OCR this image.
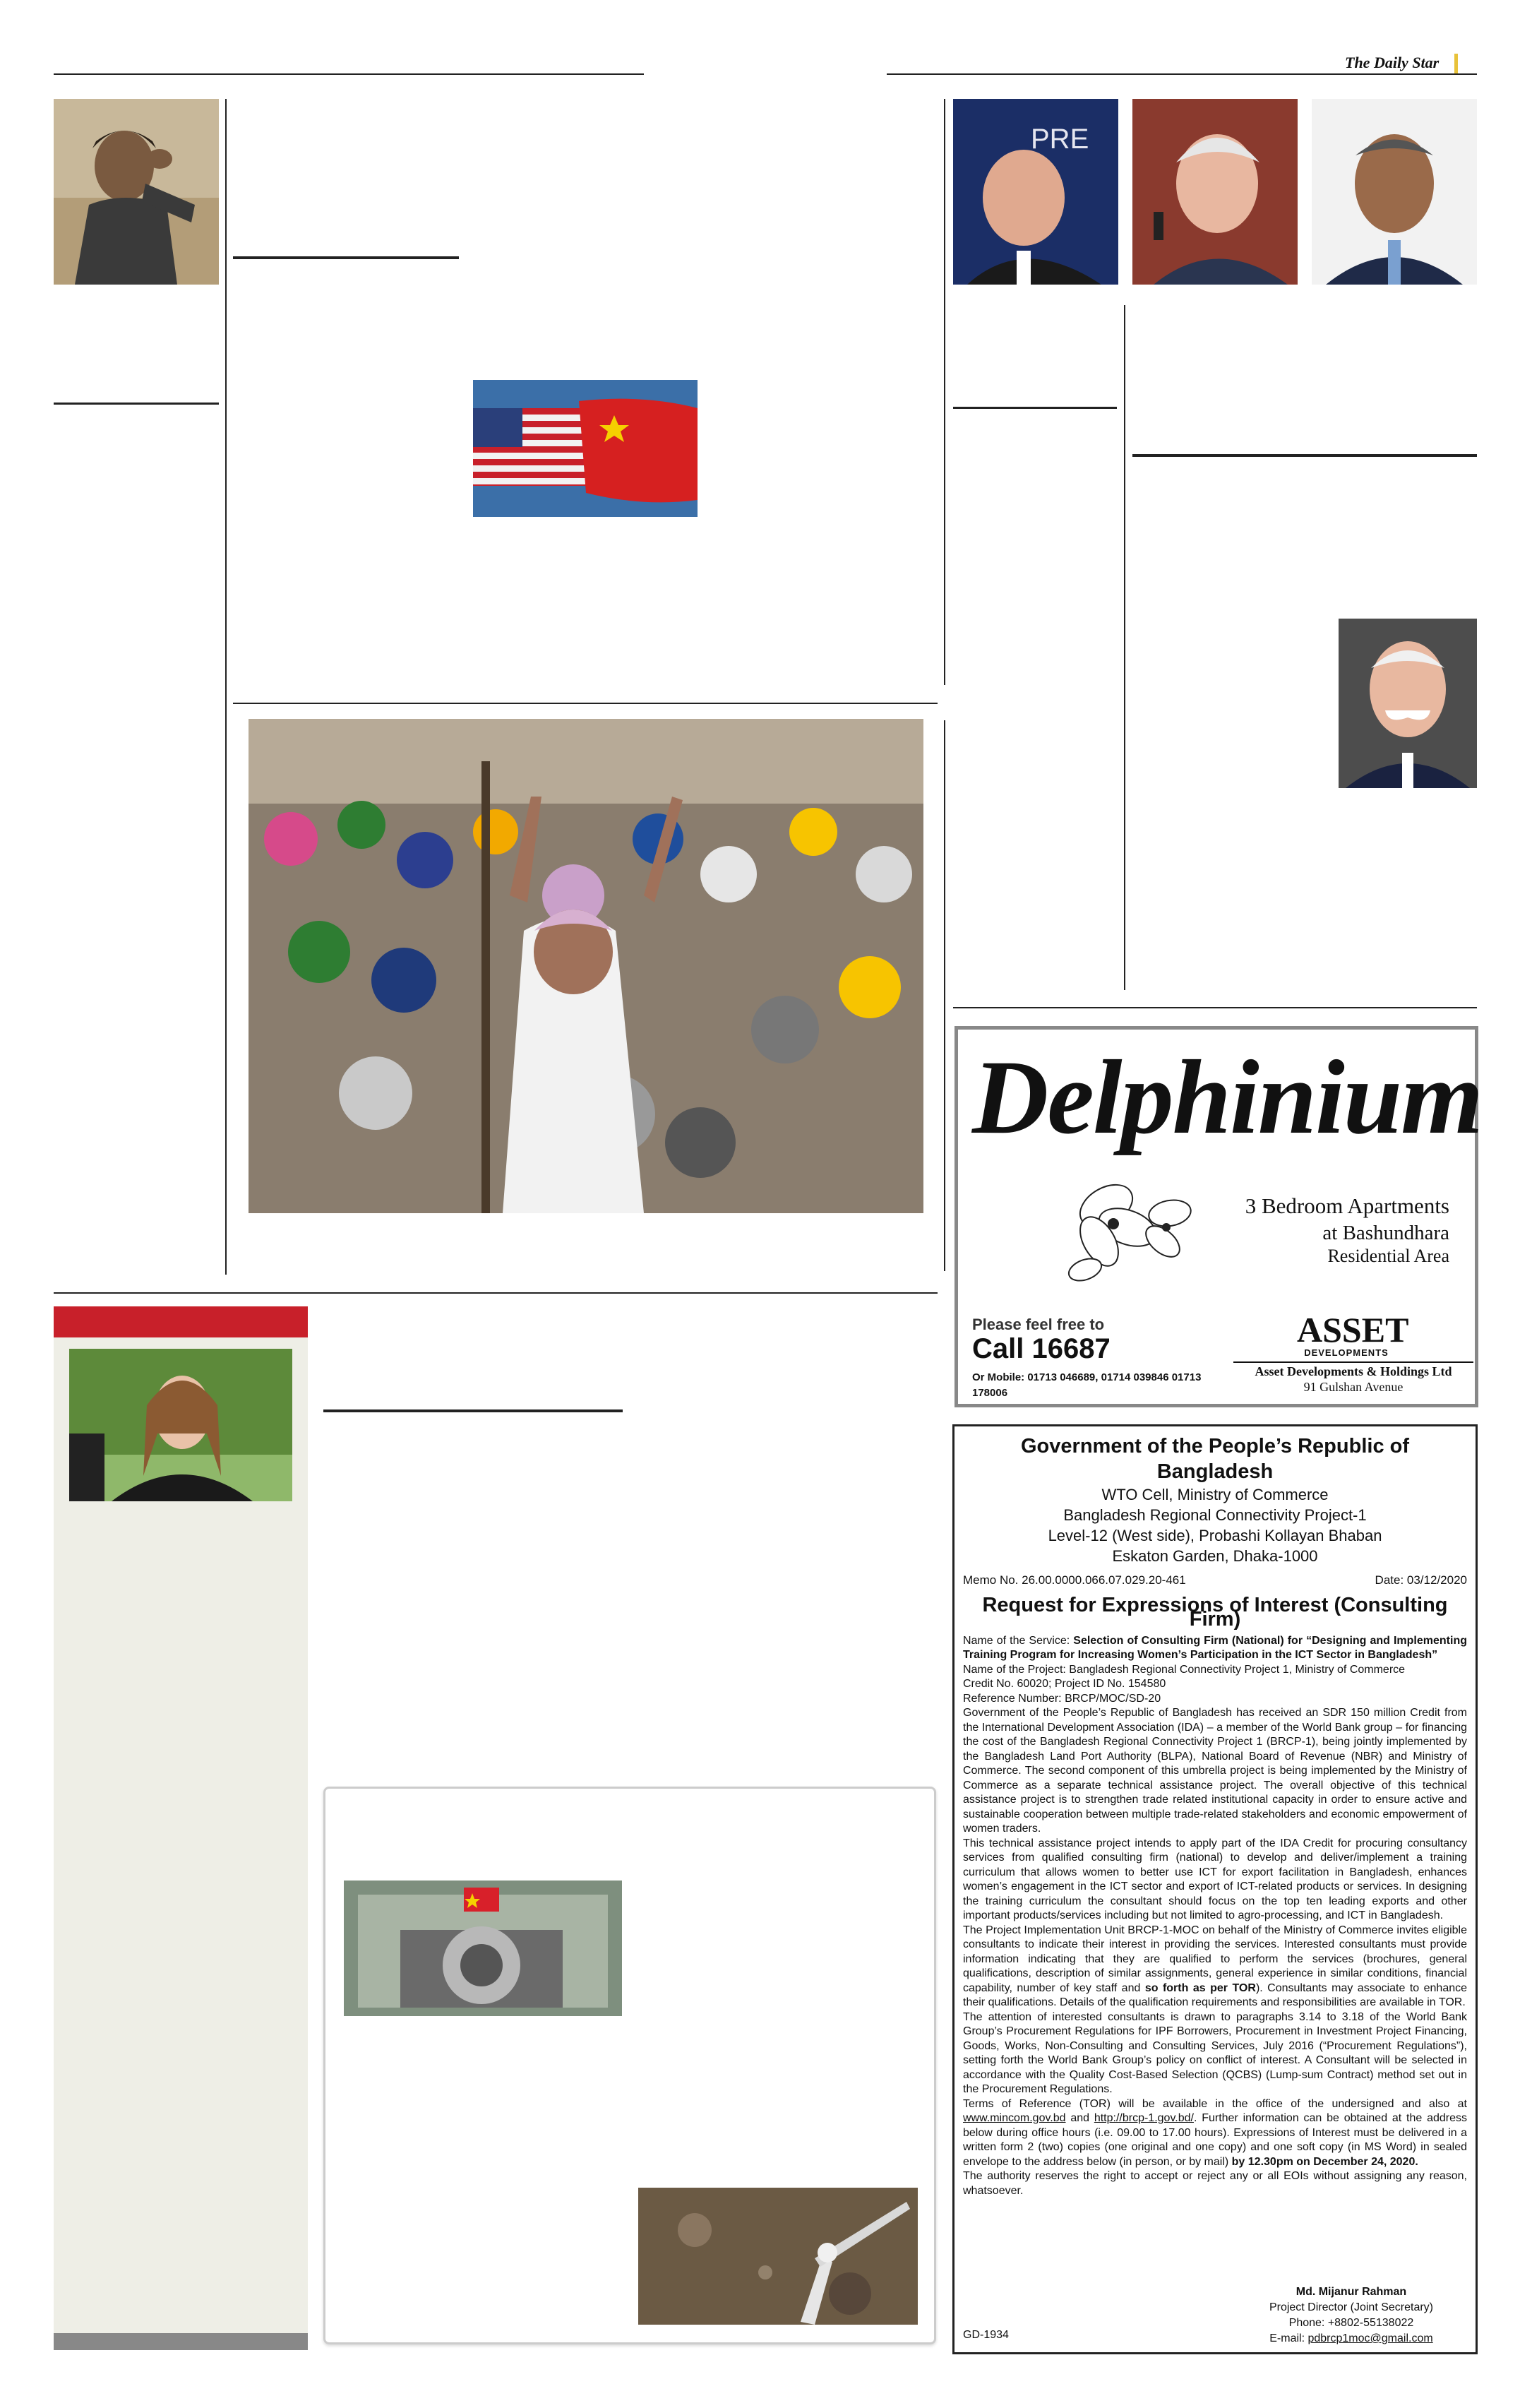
The Daily Star
PRE
Delphinium
3 Bedroom Apartments
at Bashundhara
Residential Area
Please feel free to
Call 16687
Or Mobile: 01713 046689, 01714 039846 01713 178006
ASSET
DEVELOPMENTS
Asset Developments & Holdings Ltd
91 Gulshan Avenue
Government of the People’s Republic of Bangladesh
WTO Cell, Ministry of Commerce
Bangladesh Regional Connectivity Project-1
Level-12 (West side), Probashi Kollayan Bhaban
Eskaton Garden, Dhaka-1000
Memo No. 26.00.0000.066.07.029.20-461	Date: 03/12/2020
Request for Expressions of Interest (Consulting Firm)

Name of the Service: Selection of Consulting Firm (National) for “Designing and Implementing Training Program for Increasing Women’s Participation in the ICT Sector in Bangladesh”

Name of the Project: Bangladesh Regional Connectivity Project 1, Ministry of Commerce

Credit No. 60020; Project ID No. 154580

Reference Number: BRCP/MOC/SD-20

Government of the People’s Republic of Bangladesh has received an SDR 150 million Credit from the International Development Association (IDA) – a member of the World Bank group – for financing the cost of the Bangladesh Regional Connectivity Project 1 (BRCP-1), being jointly implemented by the Bangladesh Land Port Authority (BLPA), National Board of Revenue (NBR) and Ministry of Commerce. The second component of this umbrella project is being implemented by the Ministry of Commerce as a separate technical assistance project. The overall objective of this technical assistance project is to strengthen trade related institutional capacity in order to ensure active and sustainable cooperation between multiple trade-related stakeholders and economic empowerment of women traders.

This technical assistance project intends to apply part of the IDA Credit for procuring consultancy services from qualified consulting firm (national) to develop and deliver/implement a training curriculum that allows women to better use ICT for export facilitation in Bangladesh, enhances women’s engagement in the ICT sector and export of ICT-related products or services. In designing the training curriculum the consultant should focus on the top ten leading exports and other important products/services including but not limited to agro-processing, and ICT in Bangladesh.

The Project Implementation Unit BRCP-1-MOC on behalf of the Ministry of Commerce invites eligible consultants to indicate their interest in providing the services. Interested consultants must provide information indicating that they are qualified to perform the services (brochures, general qualifications, description of similar assignments, general experience in similar conditions, financial capability, number of key staff and so forth as per TOR). Consultants may associate to enhance their qualifications. Details of the qualification requirements and responsibilities are available in TOR.

The attention of interested consultants is drawn to paragraphs 3.14 to 3.18 of the World Bank Group’s Procurement Regulations for IPF Borrowers, Procurement in Investment Project Financing, Goods, Works, Non-Consulting and Consulting Services, July 2016 (“Procurement Regulations”), setting forth the World Bank Group’s policy on conflict of interest. A Consultant will be selected in accordance with the Quality Cost-Based Selection (QCBS) (Lump-sum Contract) method set out in the Procurement Regulations.

Terms of Reference (TOR) will be available in the office of the undersigned and also at www.mincom.gov.bd and http://brcp-1.gov.bd/. Further information can be obtained at the address below during office hours (i.e. 09.00 to 17.00 hours). Expressions of Interest must be delivered in a written form 2 (two) copies (one original and one copy) and one soft copy (in MS Word) in sealed envelope to the address below (in person, or by mail) by 12.30pm on December 24, 2020.

The authority reserves the right to accept or reject any or all EOIs without assigning any reason, whatsoever.

GD-1934
Md. Mijanur Rahman
Project Director (Joint Secretary)
Phone: +8802-55138022
E-mail: pdbrcp1moc@gmail.com
